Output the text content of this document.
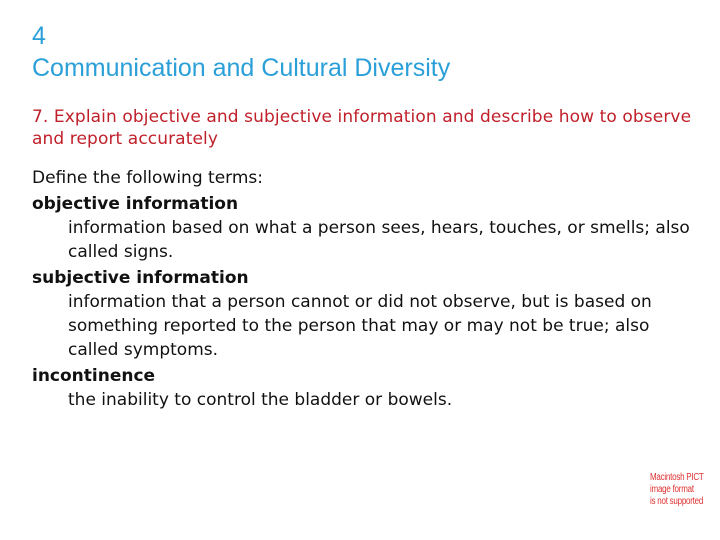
4
Communication and Cultural Diversity
7. Explain objective and subjective information and describe how to observe and report accurately
Define the following terms:
objective information
information based on what a person sees, hears, touches, or smells; also called signs.
subjective information
information that a person cannot or did not observe, but is based on something reported to the person that may or may not be true; also called symptoms.
incontinence
the inability to control the bladder or bowels.
Macintosh PICT
image format
is not supported
